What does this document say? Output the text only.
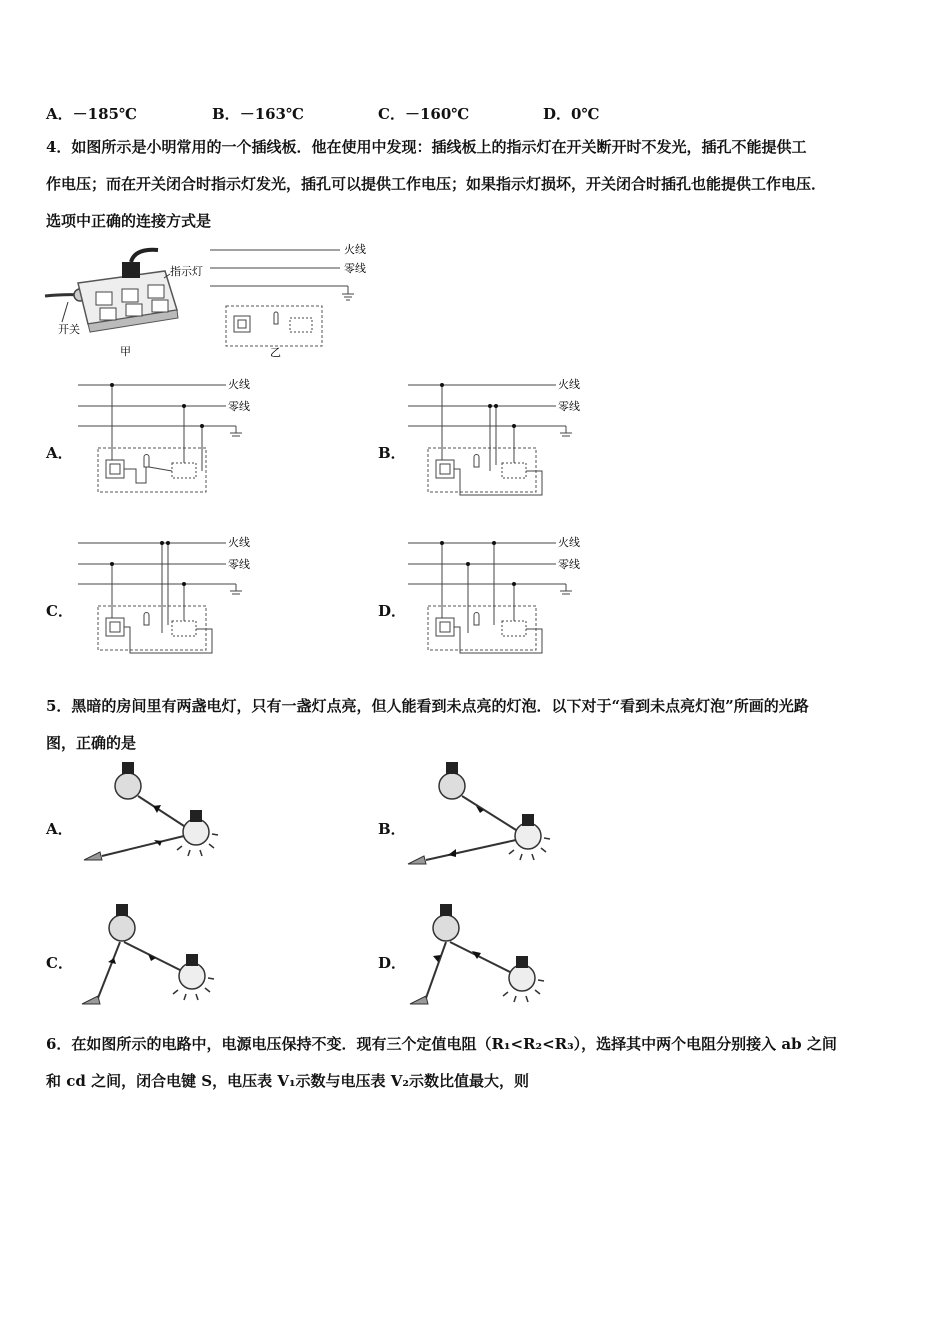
A．－185℃	B．－163℃	C．－160℃	D．0℃
4．如图所示是小明常用的一个插线板．他在使用中发现：插线板上的指示灯在开关断开时不发光，插孔不能提供工
作电压；而在开关闭合时指示灯发光，插孔可以提供工作电压；如果指示灯损坏，开关闭合时插孔也能提供工作电压．
选项中正确的连接方式是
指示灯
开关
甲
火线
零线
乙
A．	B．
C．	D．
火线
零线
火线
零线
火线
零线
火线
零线
5．黑暗的房间里有两盏电灯，只有一盏灯点亮，但人能看到未点亮的灯泡．以下对于“看到未点亮灯泡”所画的光路
图，正确的是
A．	B．
C．	D．
6．在如图所示的电路中，电源电压保持不变．现有三个定值电阻（R₁<R₂<R₃），选择其中两个电阻分别接入 ab 之间
和 cd 之间，闭合电键 S，电压表 V₁示数与电压表 V₂示数比值最大，则
